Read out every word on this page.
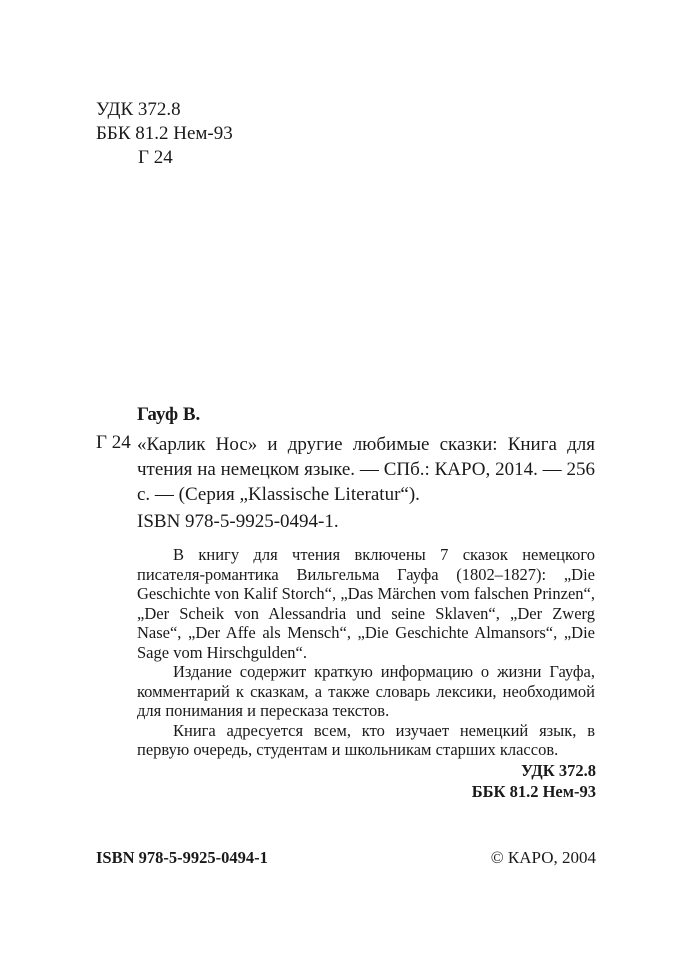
УДК 372.8
ББК 81.2 Нем-93
Г 24
Гауф В.
Г 24 «Карлик Нос» и другие любимые сказки: Книга для чтения на немецком языке. — СПб.: КАРО, 2014. — 256 с. — (Серия „Klassische Literatur“).
ISBN 978-5-9925-0494-1.

В книгу для чтения включены 7 сказок немецкого писателя-романтика Вильгельма Гауфа (1802–1827): „Die Geschichte von Kalif Storch“, „Das Märchen vom falschen Prinzen“, „Der Scheik von Alessandria und seine Sklaven“, „Der Zwerg Nase“, „Der Affe als Mensch“, „Die Geschichte Almansors“, „Die Sage vom Hirschgulden“.

Издание содержит краткую информацию о жизни Гауфа, комментарий к сказкам, а также словарь лексики, необходимой для понимания и пересказа текстов.

Книга адресуется всем, кто изучает немецкий язык, в первую очередь, студентам и школьникам старших классов.

УДК 372.8
ББК 81.2 Нем-93
ISBN 978-5-9925-0494-1	© КАРО, 2004
